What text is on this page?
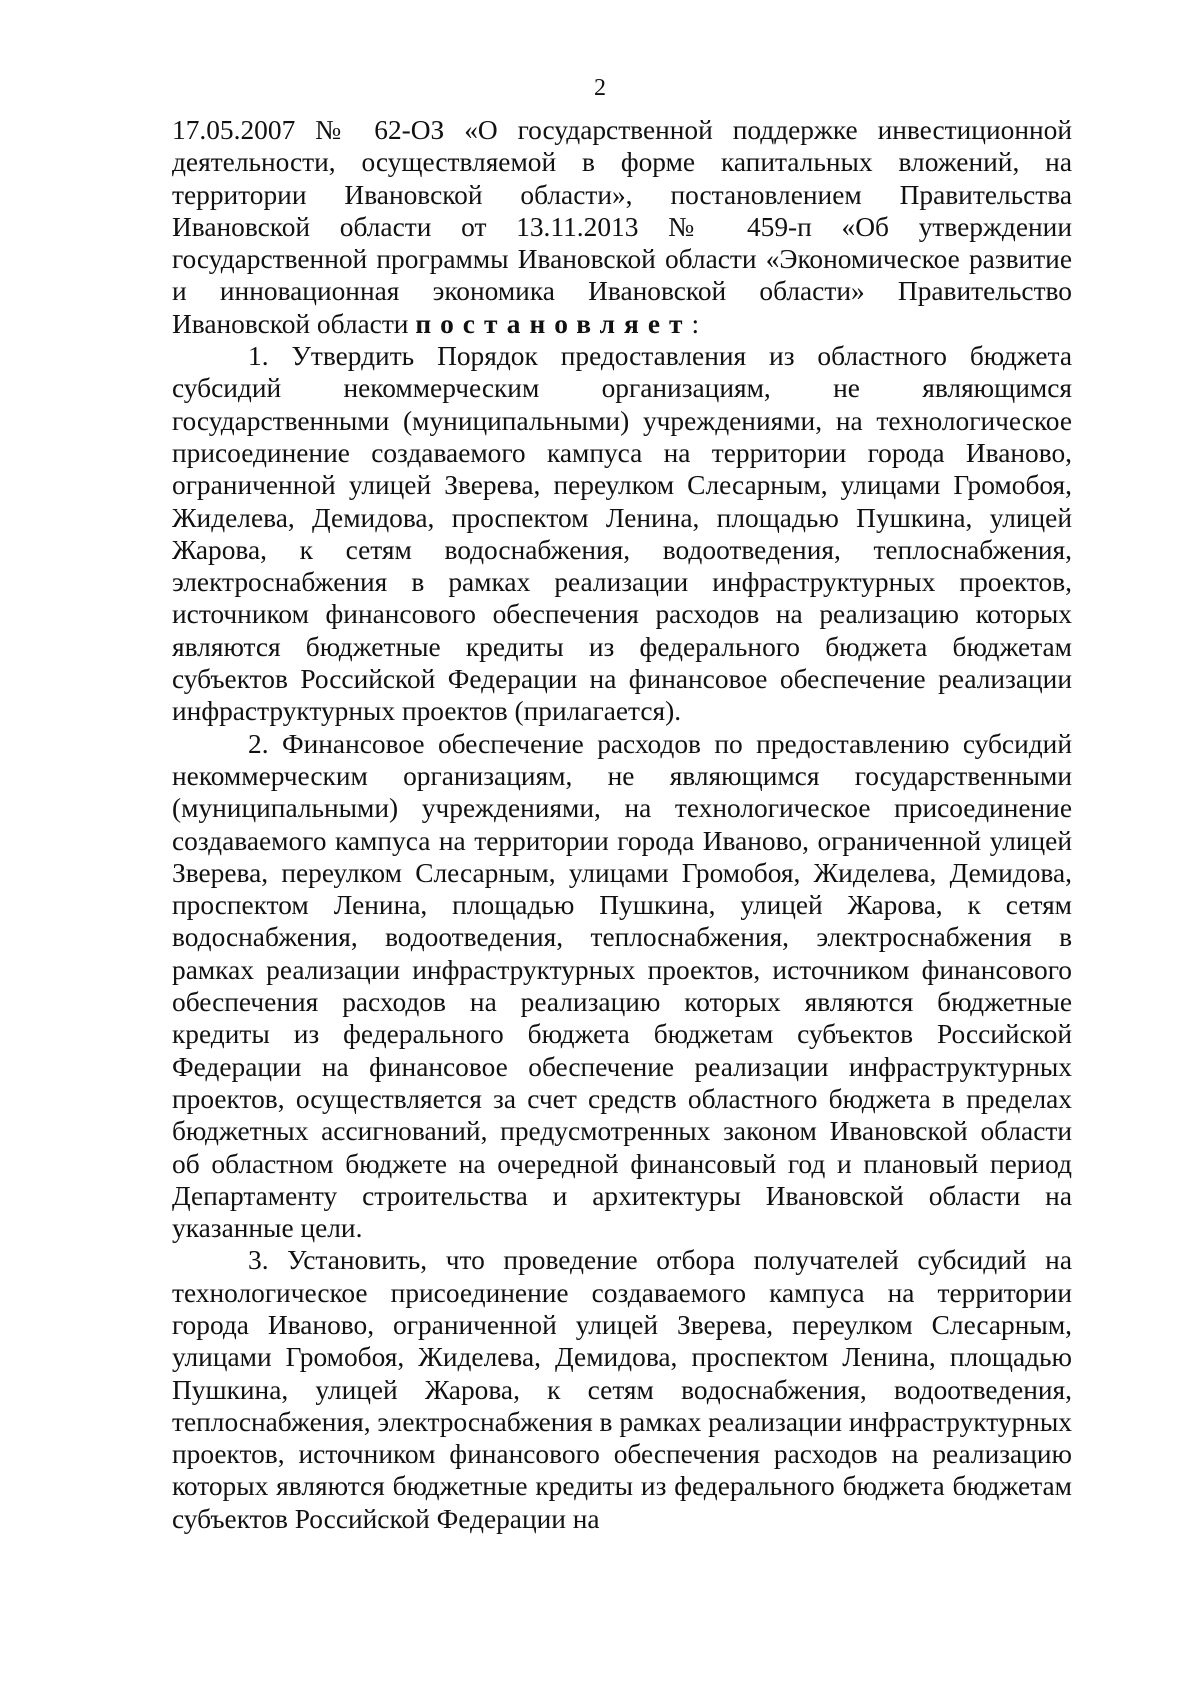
2

17.05.2007 № 62-ОЗ «О государственной поддержке инвестиционной деятельности, осуществляемой в форме капитальных вложений, на территории Ивановской области», постановлением Правительства Ивановской области от 13.11.2013 № 459-п «Об утверждении государственной программы Ивановской области «Экономическое развитие и инновационная экономика Ивановской области» Правительство Ивановской области постановляет:

1. Утвердить Порядок предоставления из областного бюджета субсидий некоммерческим организациям, не являющимся государственными (муниципальными) учреждениями, на технологическое присоединение создаваемого кампуса на территории города Иваново, ограниченной улицей Зверева, переулком Слесарным, улицами Громобоя, Жиделева, Демидова, проспектом Ленина, площадью Пушкина, улицей Жарова, к сетям водоснабжения, водоотведения, теплоснабжения, электроснабжения в рамках реализации инфраструктурных проектов, источником финансового обеспечения расходов на реализацию которых являются бюджетные кредиты из федерального бюджета бюджетам субъектов Российской Федерации на финансовое обеспечение реализации инфраструктурных проектов (прилагается).

2. Финансовое обеспечение расходов по предоставлению субсидий некоммерческим организациям, не являющимся государственными (муниципальными) учреждениями, на технологическое присоединение создаваемого кампуса на территории города Иваново, ограниченной улицей Зверева, переулком Слесарным, улицами Громобоя, Жиделева, Демидова, проспектом Ленина, площадью Пушкина, улицей Жарова, к сетям водоснабжения, водоотведения, теплоснабжения, электроснабжения в рамках реализации инфраструктурных проектов, источником финансового обеспечения расходов на реализацию которых являются бюджетные кредиты из федерального бюджета бюджетам субъектов Российской Федерации на финансовое обеспечение реализации инфраструктурных проектов, осуществляется за счет средств областного бюджета в пределах бюджетных ассигнований, предусмотренных законом Ивановской области об областном бюджете на очередной финансовый год и плановый период Департаменту строительства и архитектуры Ивановской области на указанные цели.

3. Установить, что проведение отбора получателей субсидий на технологическое присоединение создаваемого кампуса на территории города Иваново, ограниченной улицей Зверева, переулком Слесарным, улицами Громобоя, Жиделева, Демидова, проспектом Ленина, площадью Пушкина, улицей Жарова, к сетям водоснабжения, водоотведения, теплоснабжения, электроснабжения в рамках реализации инфраструктурных проектов, источником финансового обеспечения расходов на реализацию которых являются бюджетные кредиты из федерального бюджета бюджетам субъектов Российской Федерации на
